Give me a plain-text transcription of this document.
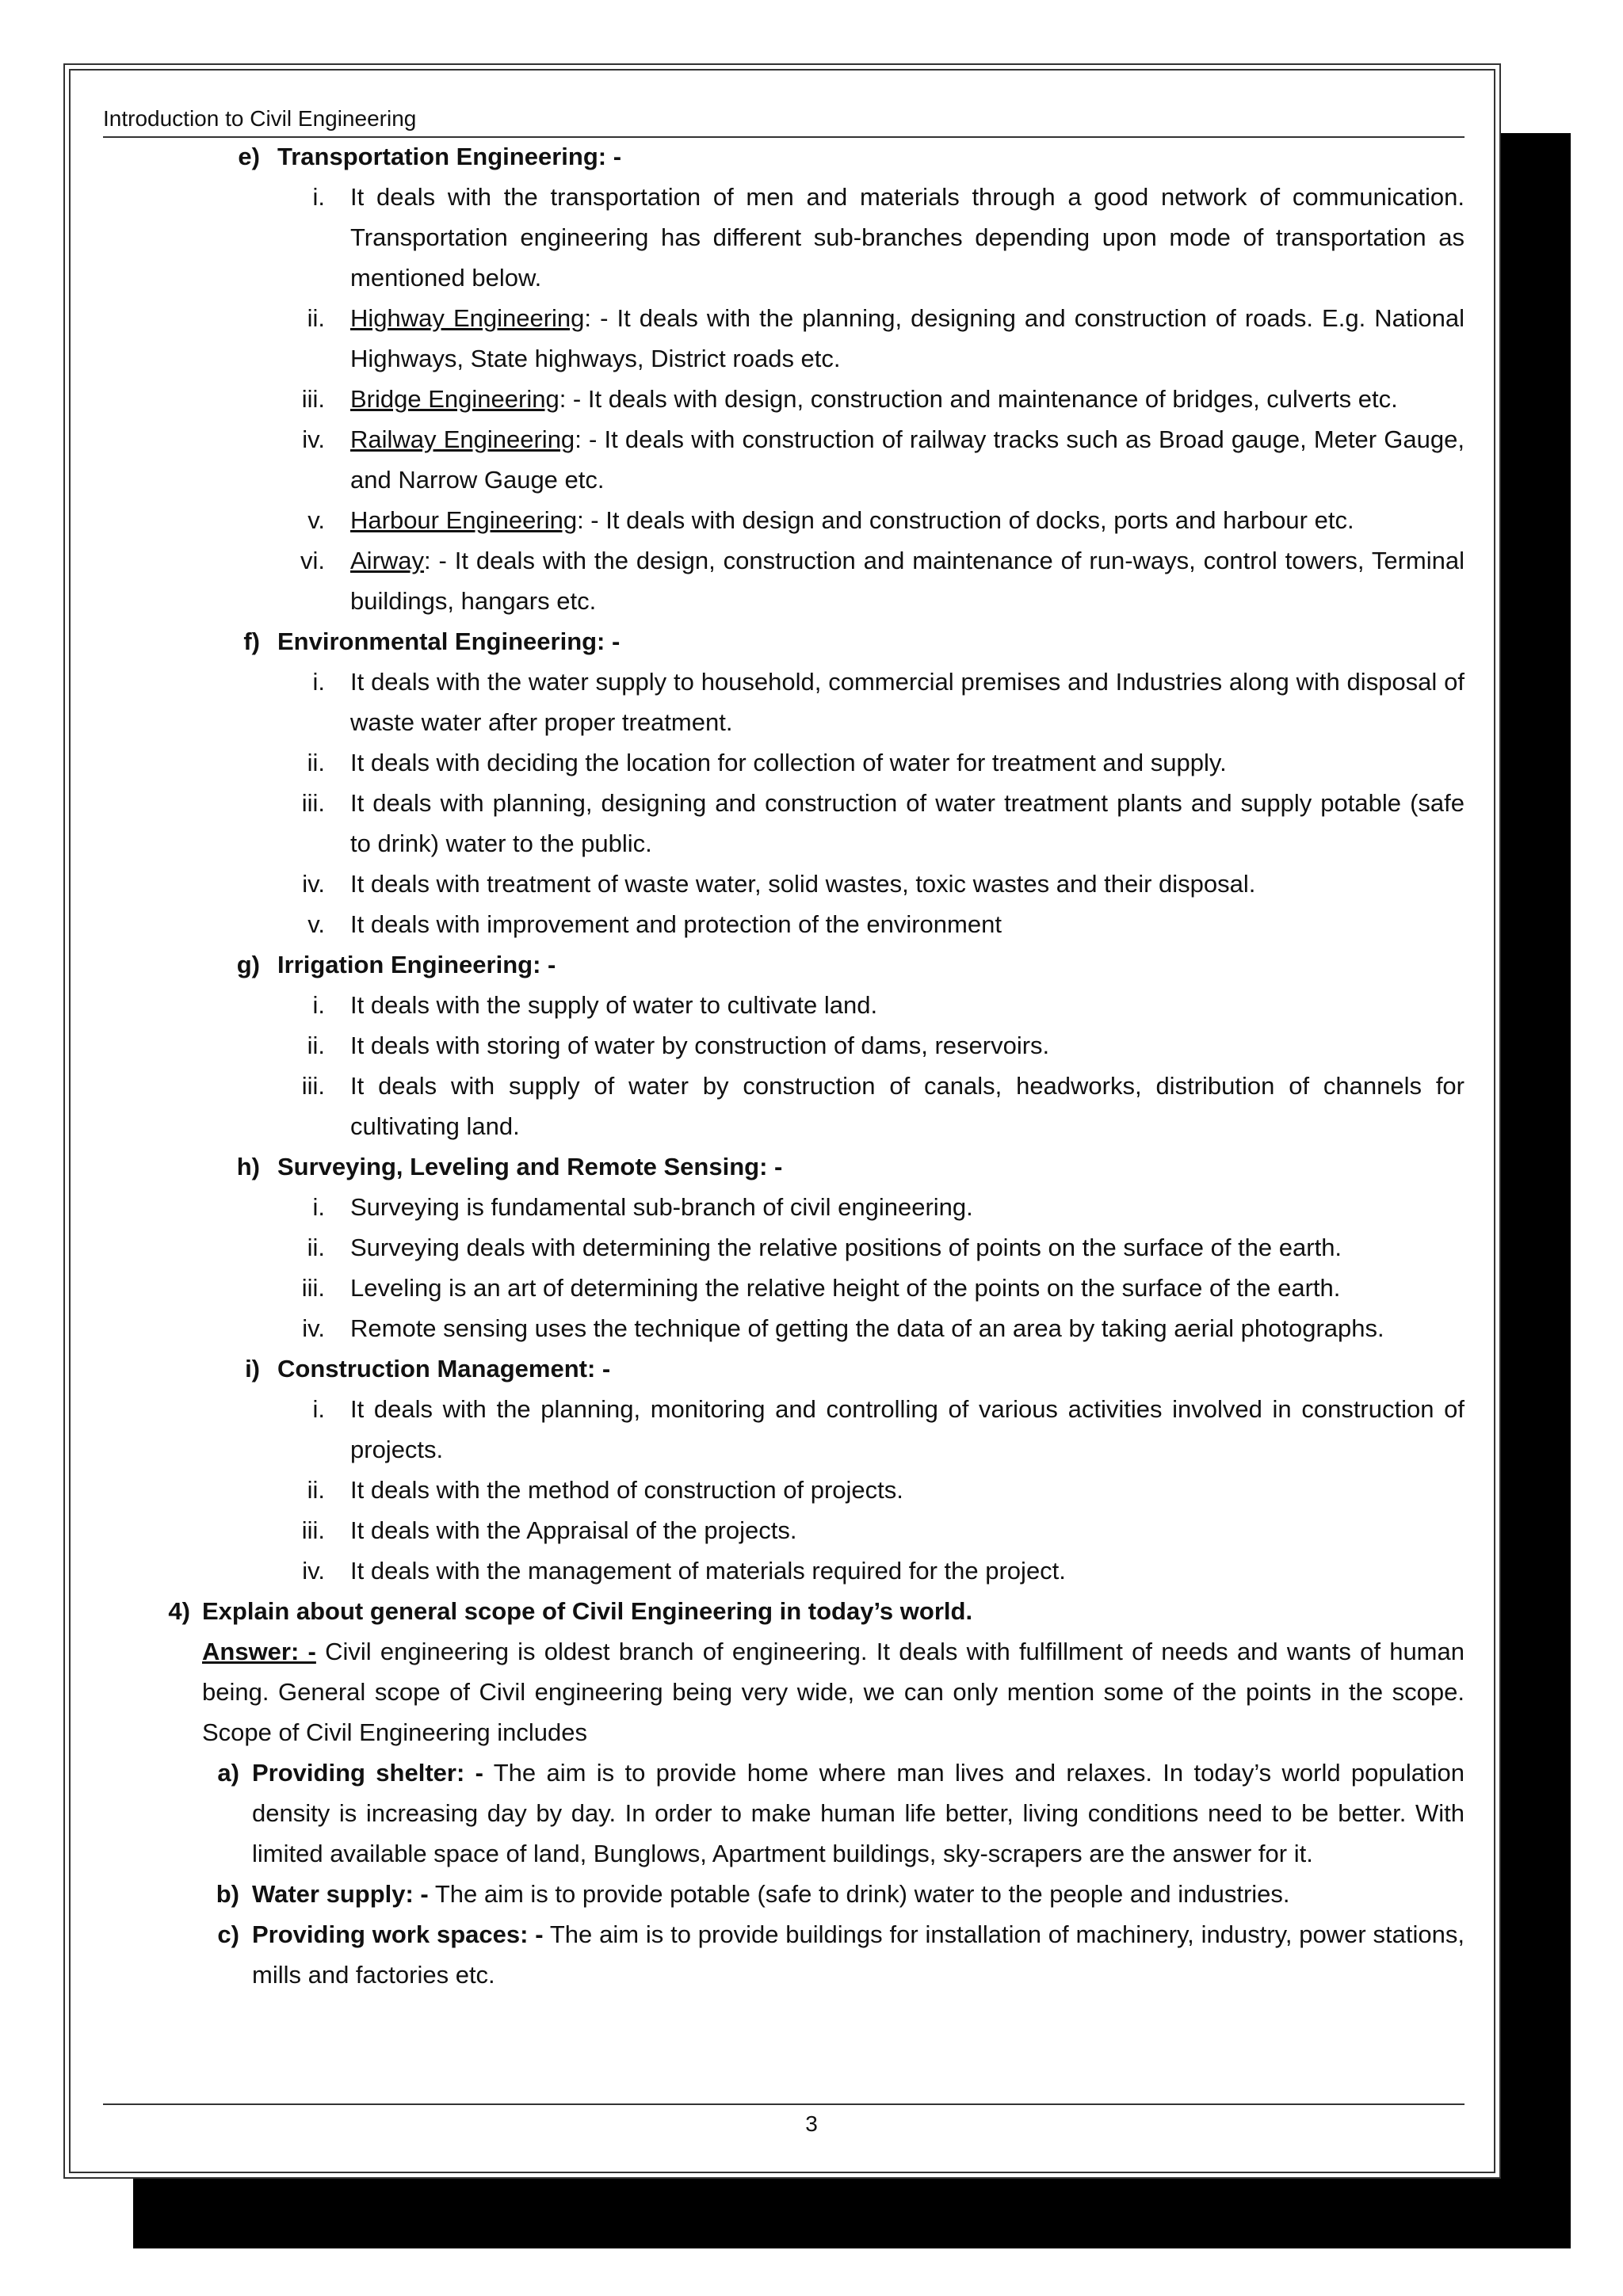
Introduction to Civil Engineering
e) Transportation Engineering: -
i. It deals with the transportation of men and materials through a good network of communication. Transportation engineering has different sub-branches depending upon mode of transportation as mentioned below.
ii. Highway Engineering: - It deals with the planning, designing and construction of roads. E.g. National Highways, State highways, District roads etc.
iii. Bridge Engineering: - It deals with design, construction and maintenance of bridges, culverts etc.
iv. Railway Engineering: - It deals with construction of railway tracks such as Broad gauge, Meter Gauge, and Narrow Gauge etc.
v. Harbour Engineering: - It deals with design and construction of docks, ports and harbour etc.
vi. Airway: - It deals with the design, construction and maintenance of run-ways, control towers, Terminal buildings, hangars etc.
f) Environmental Engineering: -
i. It deals with the water supply to household, commercial premises and Industries along with disposal of waste water after proper treatment.
ii. It deals with deciding the location for collection of water for treatment and supply.
iii. It deals with planning, designing and construction of water treatment plants and supply potable (safe to drink) water to the public.
iv. It deals with treatment of waste water, solid wastes, toxic wastes and their disposal.
v. It deals with improvement and protection of the environment
g) Irrigation Engineering: -
i. It deals with the supply of water to cultivate land.
ii. It deals with storing of water by construction of dams, reservoirs.
iii. It deals with supply of water by construction of canals, headworks, distribution of channels for cultivating land.
h) Surveying, Leveling and Remote Sensing: -
i. Surveying is fundamental sub-branch of civil engineering.
ii. Surveying deals with determining the relative positions of points on the surface of the earth.
iii. Leveling is an art of determining the relative height of the points on the surface of the earth.
iv. Remote sensing uses the technique of getting the data of an area by taking aerial photographs.
i) Construction Management: -
i. It deals with the planning, monitoring and controlling of various activities involved in construction of projects.
ii. It deals with the method of construction of projects.
iii. It deals with the Appraisal of the projects.
iv. It deals with the management of materials required for the project.
4) Explain about general scope of Civil Engineering in today’s world.
Answer: - Civil engineering is oldest branch of engineering. It deals with fulfillment of needs and wants of human being. General scope of Civil engineering being very wide, we can only mention some of the points in the scope. Scope of Civil Engineering includes
a) Providing shelter: - The aim is to provide home where man lives and relaxes. In today’s world population density is increasing day by day. In order to make human life better, living conditions need to be better. With limited available space of land, Bunglows, Apartment buildings, sky-scrapers are the answer for it.
b) Water supply: - The aim is to provide potable (safe to drink) water to the people and industries.
c) Providing work spaces: - The aim is to provide buildings for installation of machinery, industry, power stations, mills and factories etc.
3
